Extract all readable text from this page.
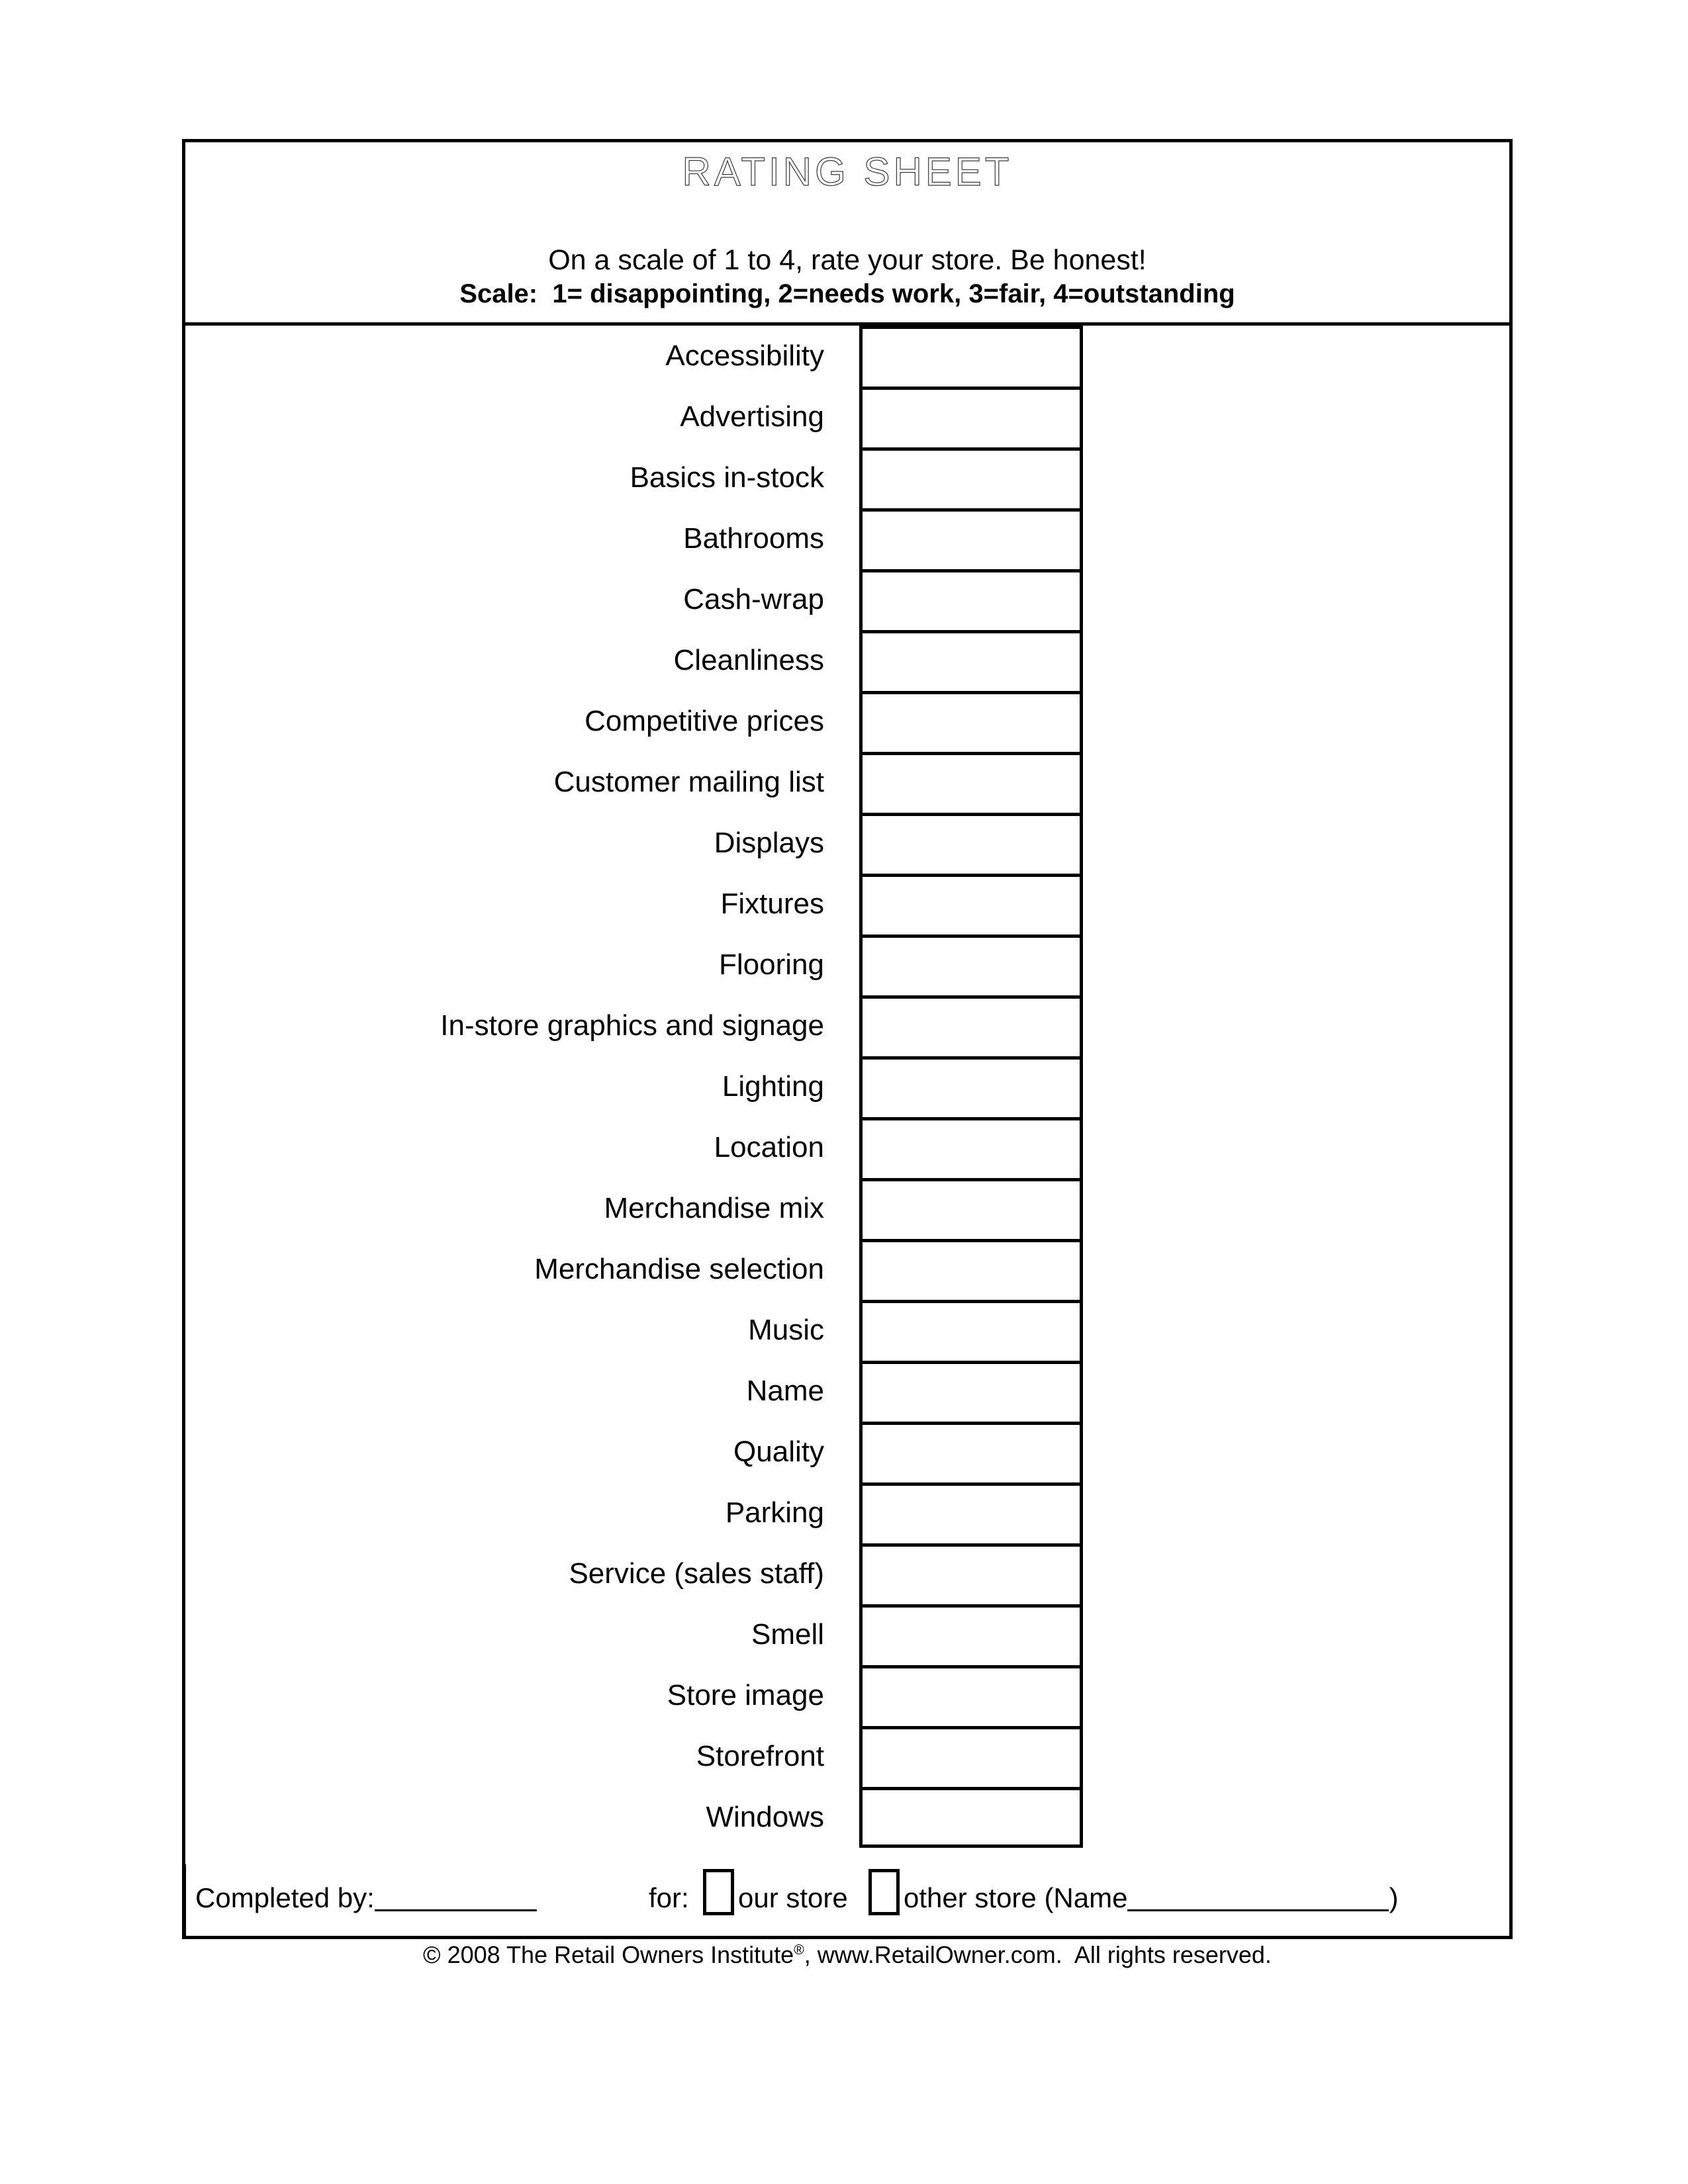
RATING SHEET
On a scale of 1 to 4, rate your store. Be honest!
Scale:  1= disappointing, 2=needs work, 3=fair, 4=outstanding
Accessibility
Advertising
Basics in-stock
Bathrooms
Cash-wrap
Cleanliness
Competitive prices
Customer mailing list
Displays
Fixtures
Flooring
In-store graphics and signage
Lighting
Location
Merchandise mix
Merchandise selection
Music
Name
Quality
Parking
Service (sales staff)
Smell
Store image
Storefront
Windows
Completed by:	for: our store other store (Name	)
© 2008 The Retail Owners Institute®, www.RetailOwner.com.  All rights reserved.
